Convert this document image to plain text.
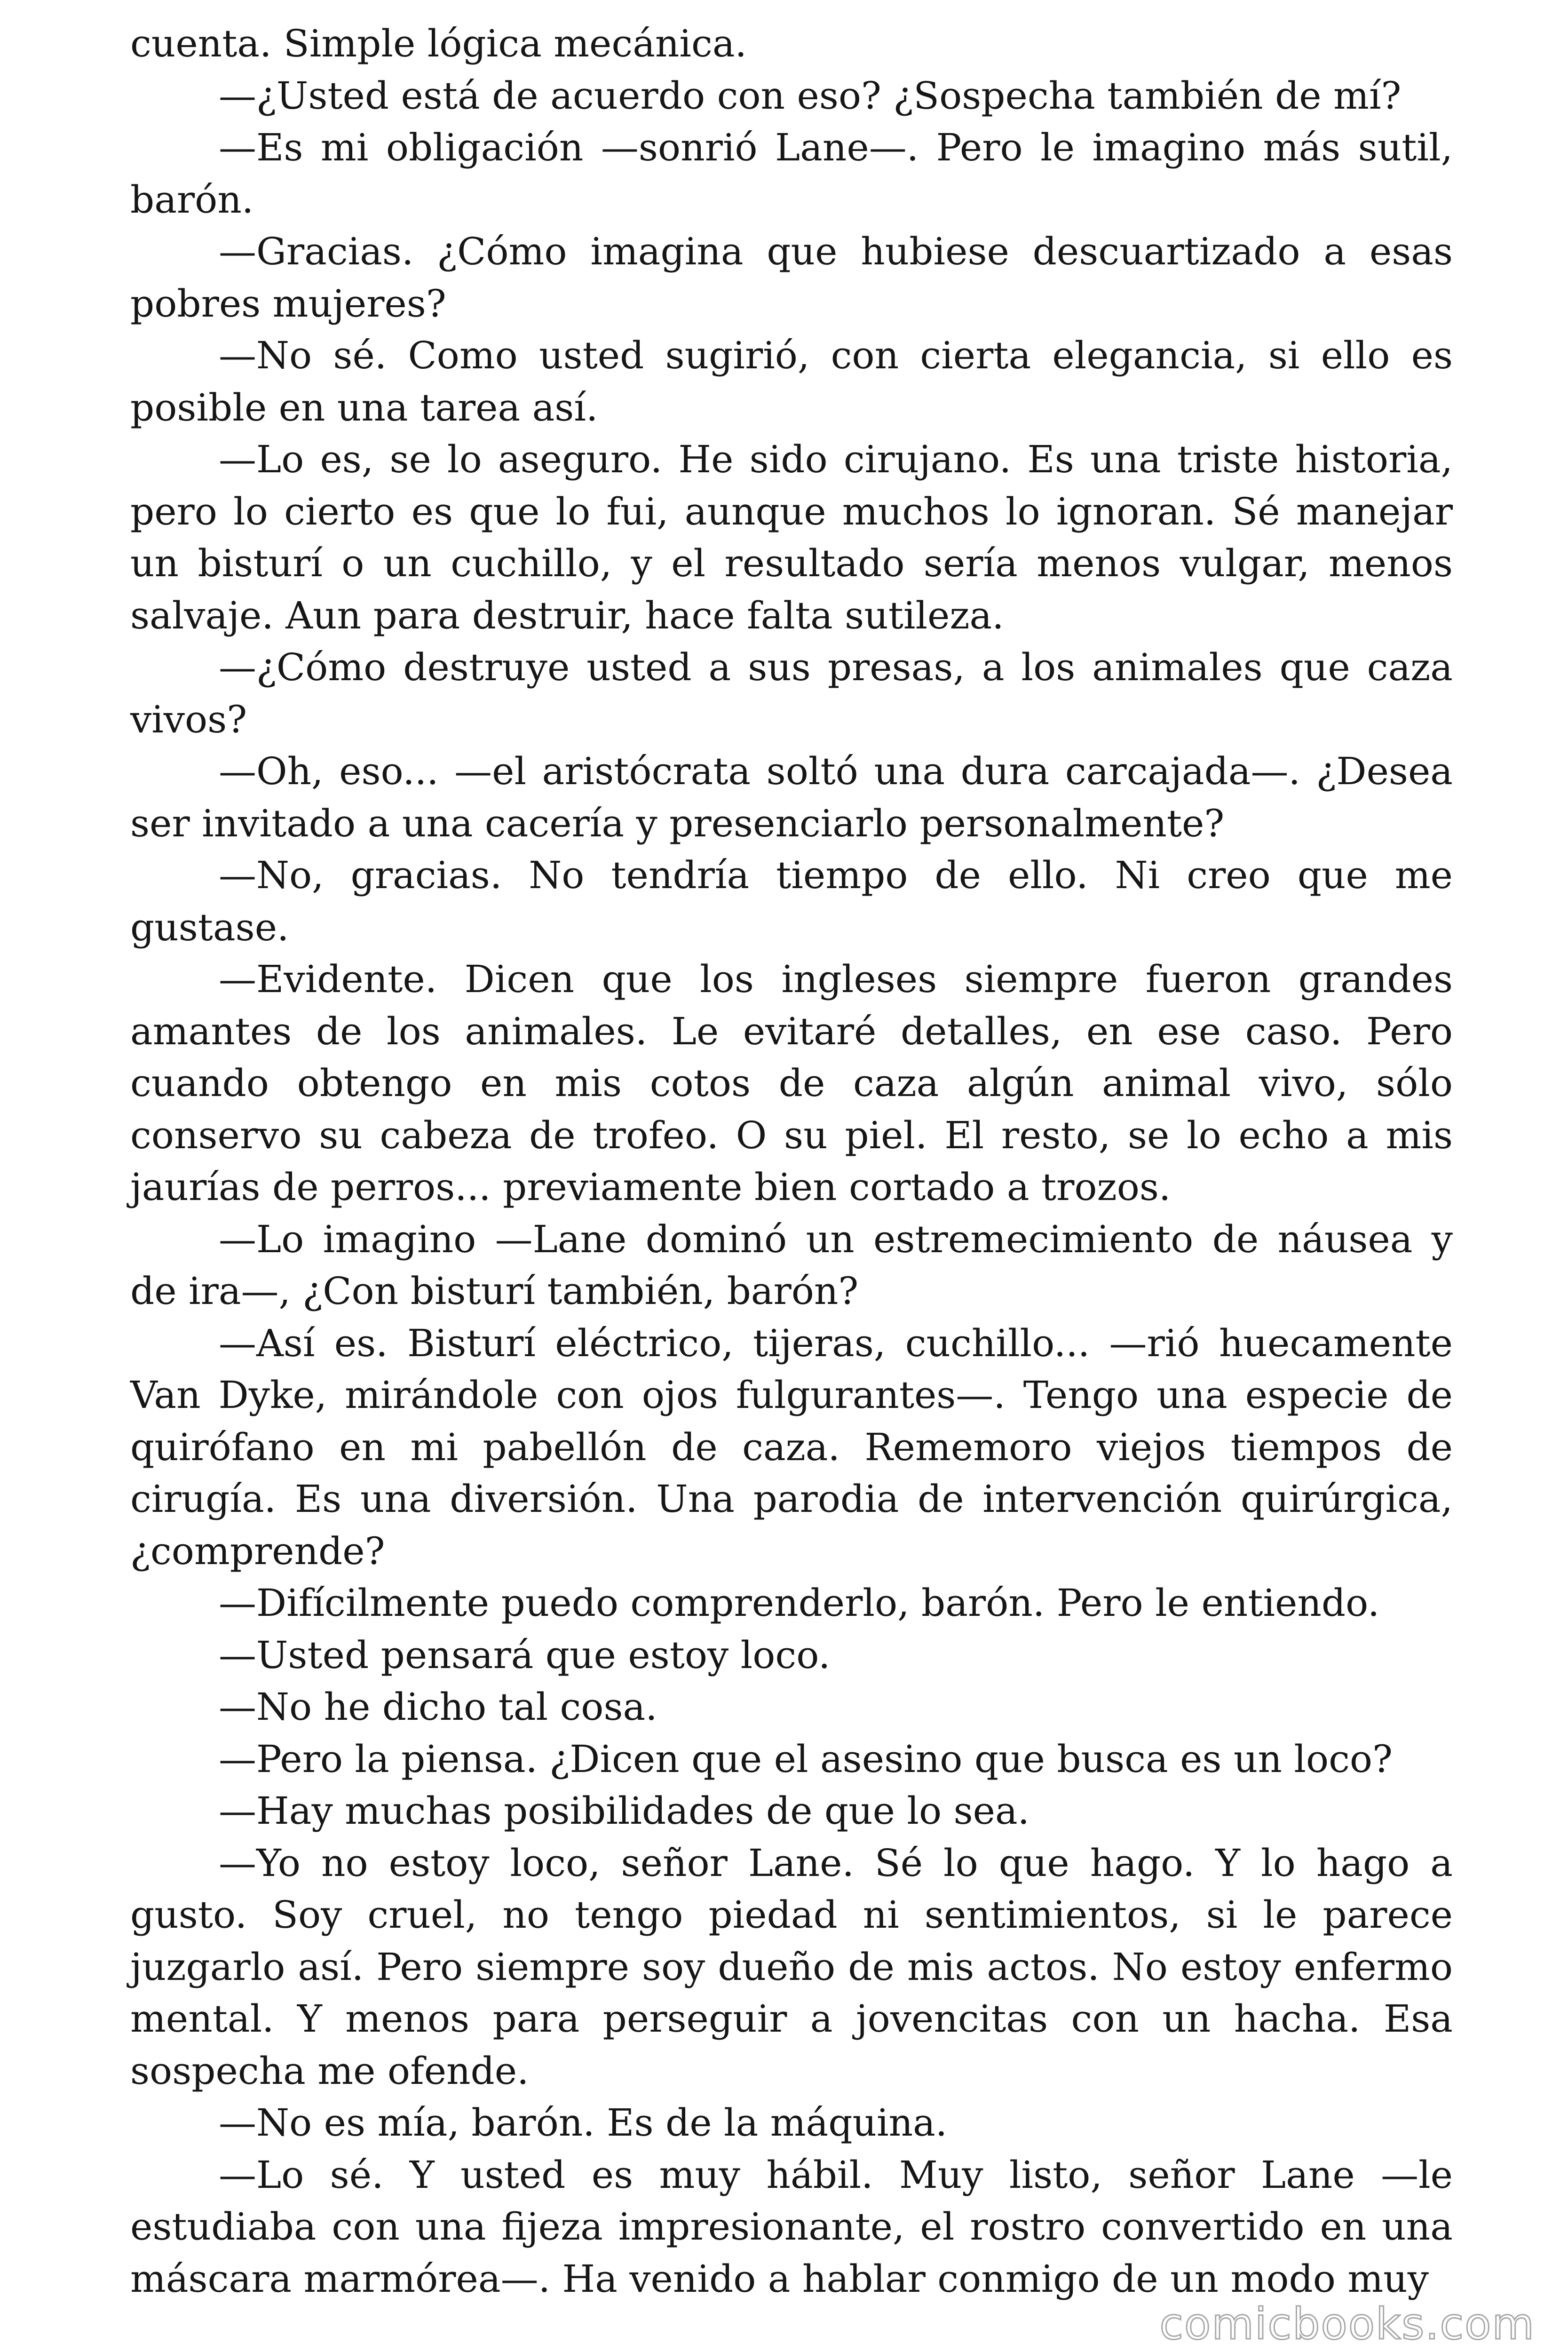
cuenta. Simple lógica mecánica.

—¿Usted está de acuerdo con eso? ¿Sospecha también de mí?

—Es mi obligación —sonrió Lane—. Pero le imagino más sutil, barón.

—Gracias. ¿Cómo imagina que hubiese descuartizado a esas pobres mujeres?

—No sé. Como usted sugirió, con cierta elegancia, si ello es posible en una tarea así.

—Lo es, se lo aseguro. He sido cirujano. Es una triste historia, pero lo cierto es que lo fui, aunque muchos lo ignoran. Sé manejar un bisturí o un cuchillo, y el resultado sería menos vulgar, menos salvaje. Aun para destruir, hace falta sutileza.

—¿Cómo destruye usted a sus presas, a los animales que caza vivos?

—Oh, eso... —el aristócrata soltó una dura carcajada—. ¿Desea ser invitado a una cacería y presenciarlo personalmente?

—No, gracias. No tendría tiempo de ello. Ni creo que me gustase.

—Evidente. Dicen que los ingleses siempre fueron grandes amantes de los animales. Le evitaré detalles, en ese caso. Pero cuando obtengo en mis cotos de caza algún animal vivo, sólo conservo su cabeza de trofeo. O su piel. El resto, se lo echo a mis jaurías de perros... previamente bien cortado a trozos.

—Lo imagino —Lane dominó un estremecimiento de náusea y de ira—, ¿Con bisturí también, barón?

—Así es. Bisturí eléctrico, tijeras, cuchillo... —rió huecamente Van Dyke, mirándole con ojos fulgurantes—. Tengo una especie de quirófano en mi pabellón de caza. Rememoro viejos tiempos de cirugía. Es una diversión. Una parodia de intervención quirúrgica, ¿comprende?

—Difícilmente puedo comprenderlo, barón. Pero le entiendo.

—Usted pensará que estoy loco.

—No he dicho tal cosa.

—Pero la piensa. ¿Dicen que el asesino que busca es un loco?

—Hay muchas posibilidades de que lo sea.

—Yo no estoy loco, señor Lane. Sé lo que hago. Y lo hago a gusto. Soy cruel, no tengo piedad ni sentimientos, si le parece juzgarlo así. Pero siempre soy dueño de mis actos. No estoy enfermo mental. Y menos para perseguir a jovencitas con un hacha. Esa sospecha me ofende.

—No es mía, barón. Es de la máquina.

—Lo sé. Y usted es muy hábil. Muy listo, señor Lane —le estudiaba con una fijeza impresionante, el rostro convertido en una máscara marmórea—. Ha venido a hablar conmigo de un modo muy

comicbooks.com
